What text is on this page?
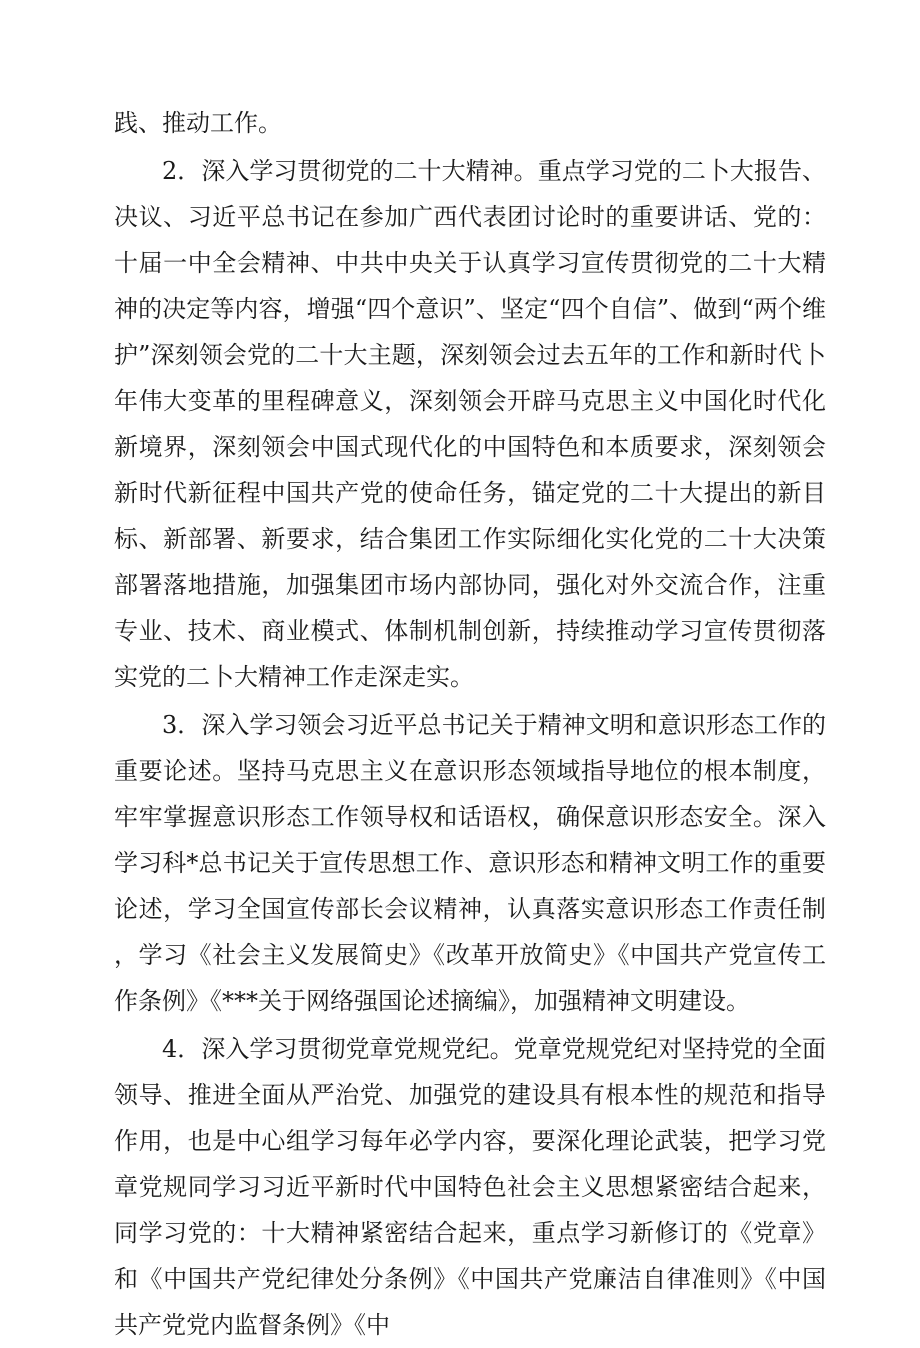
践、推动工作。

2．深入学习贯彻党的二十大精神。重点学习党的二卜大报告、决议、习近平总书记在参加广西代表团讨论时的重要讲话、党的：十届一中全会精神、中共中央关于认真学习宣传贯彻党的二十大精神的决定等内容，增强“四个意识”、坚定“四个自信”、做到“两个维护”深刻领会党的二十大主题，深刻领会过去五年的工作和新时代卜年伟大变革的里程碑意义，深刻领会开辟马克思主义中国化时代化新境界，深刻领会中国式现代化的中国特色和本质要求，深刻领会新时代新征程中国共产党的使命任务，锚定党的二十大提出的新目标、新部署、新要求，结合集团工作实际细化实化党的二十大决策部署落地措施，加强集团市场内部协同，强化对外交流合作，注重专业、技术、商业模式、体制机制创新，持续推动学习宣传贯彻落实党的二卜大精神工作走深走实。

3．深入学习领会习近平总书记关于精神文明和意识形态工作的重要论述。坚持马克思主义在意识形态领域指导地位的根本制度，牢牢掌握意识形态工作领导权和话语权，确保意识形态安全。深入学习科*总书记关于宣传思想工作、意识形态和精神文明工作的重要论述，学习全国宣传部长会议精神，认真落实意识形态工作责任制，学习《社会主义发展简史》《改革开放简史》《中国共产党宣传工作条例》《***关于网络强国论述摘编》，加强精神文明建设。

4．深入学习贯彻党章党规党纪。党章党规党纪对坚持党的全面领导、推进全面从严治党、加强党的建设具有根本性的规范和指导作用，也是中心组学习每年必学内容，要深化理论武装，把学习党章党规同学习习近平新时代中国特色社会主义思想紧密结合起来，同学习党的：十大精神紧密结合起来，重点学习新修订的《党章》和《中国共产党纪律处分条例》《中国共产党廉洁自律准则》《中国共产党党内监督条例》《中
